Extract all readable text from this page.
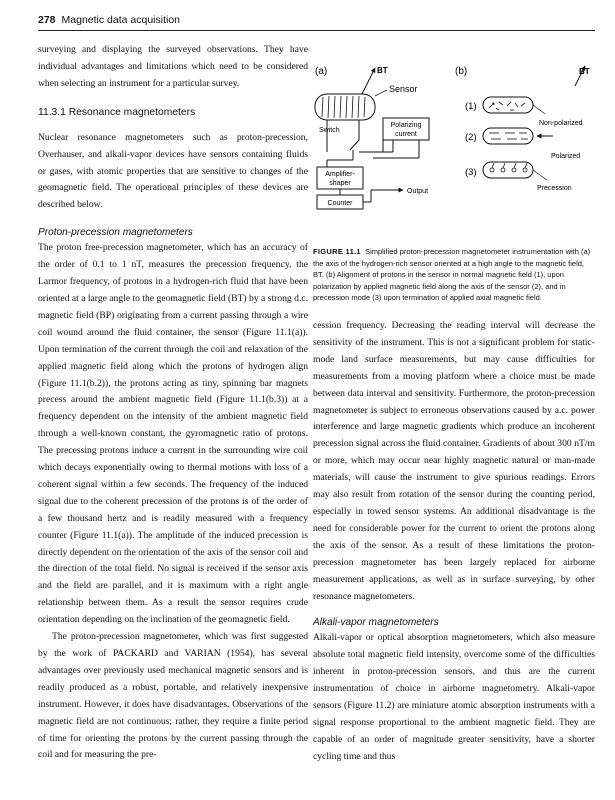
278 Magnetic data acquisition

surveying and displaying the surveyed observations. They have individual advantages and limitations which need to be considered when selecting an instrument for a particular survey.

11.3.1 Resonance magnetometers

Nuclear resonance magnetometers such as proton-precession, Overhauser, and alkali-vapor devices have sensors containing fluids or gases, with atomic properties that are sensitive to changes of the geomagnetic field. The operational principles of these devices are described below.

Proton-precession magnetometers

The proton free-precession magnetometer, which has an accuracy of the order of 0.1 to 1 nT, measures the precession frequency, the Larmor frequency, of protons in a hydrogen-rich fluid that have been oriented at a large angle to the geomagnetic field (BT) by a strong d.c. magnetic field (BP) originating from a current passing through a wire coil wound around the fluid container, the sensor (Figure 11.1(a)). Upon termination of the current through the coil and relaxation of the applied magnetic field along which the protons of hydrogen align (Figure 11.1(b.2)), the protons acting as tiny, spinning bar magnets precess around the ambient magnetic field (Figure 11.1(b.3)) at a frequency dependent on the intensity of the ambient magnetic field through a well-known constant, the gyromagnetic ratio of protons. The precessing protons induce a current in the surrounding wire coil which decays exponentially owing to thermal motions with loss of a coherent signal within a few seconds. The frequency of the induced signal due to the coherent precession of the protons is of the order of a few thousand hertz and is readily measured with a frequency counter (Figure 11.1(a)). The amplitude of the induced precession is directly dependent on the orientation of the axis of the sensor coil and the direction of the total field. No signal is received if the sensor axis and the field are parallel, and it is maximum with a right angle relationship between them. As a result the sensor requires crude orientation depending on the inclination of the geomagnetic field.

The proton-precession magnetometer, which was first suggested by the work of PACKARD and VARIAN (1954), has several advantages over previously used mechanical magnetic sensors and is readily produced as a robust, portable, and relatively inexpensive instrument. However, it does have disadvantages. Observations of the magnetic field are not continuous; rather, they require a finite period of time for orienting the protons by the current passing through the coil and for measuring the pre-

(a)	BT
Sensor
Switch
Polarizing
current
Amplifier-
shaper
Counter
Output
(b)	BT
(1)
Non-polarized
(2)
Polarized
(3)
Precession

FIGURE 11.1 Simplified proton-precession magnetometer instrumentation with (a) the axis of the hydrogen-rich sensor oriented at a high angle to the magnetic field, BT. (b) Alignment of protons in the sensor in normal magnetic field (1), upon polarization by applied magnetic field along the axis of the sensor (2), and in precession mode (3) upon termination of applied axial magnetic field.

cession frequency. Decreasing the reading interval will decrease the sensitivity of the instrument. This is not a significant problem for static-mode land surface measurements, but may cause difficulties for measurements from a moving platform where a choice must be made between data interval and sensitivity. Furthermore, the proton-precession magnetometer is subject to erroneous observations caused by a.c. power interference and large magnetic gradients which produce an incoherent precession signal across the fluid container. Gradients of about 300 nT/m or more, which may occur near highly magnetic natural or man-made materials, will cause the instrument to give spurious readings. Errors may also result from rotation of the sensor during the counting period, especially in towed sensor systems. An additional disadvantage is the need for considerable power for the current to orient the protons along the axis of the sensor. As a result of these limitations the proton-precession magnetometer has been largely replaced for airborne measurement applications, as well as in surface surveying, by other resonance magnetometers.

Alkali-vapor magnetometers

Alkali-vapor or optical absorption magnetometers, which also measure absolute total magnetic field intensity, overcome some of the difficulties inherent in proton-precession sensors, and thus are the current instrumentation of choice in airborne magnetometry. Alkali-vapor sensors (Figure 11.2) are miniature atomic absorption instruments with a signal response proportional to the ambient magnetic field. They are capable of an order of magnitude greater sensitivity, have a shorter cycling time and thus
